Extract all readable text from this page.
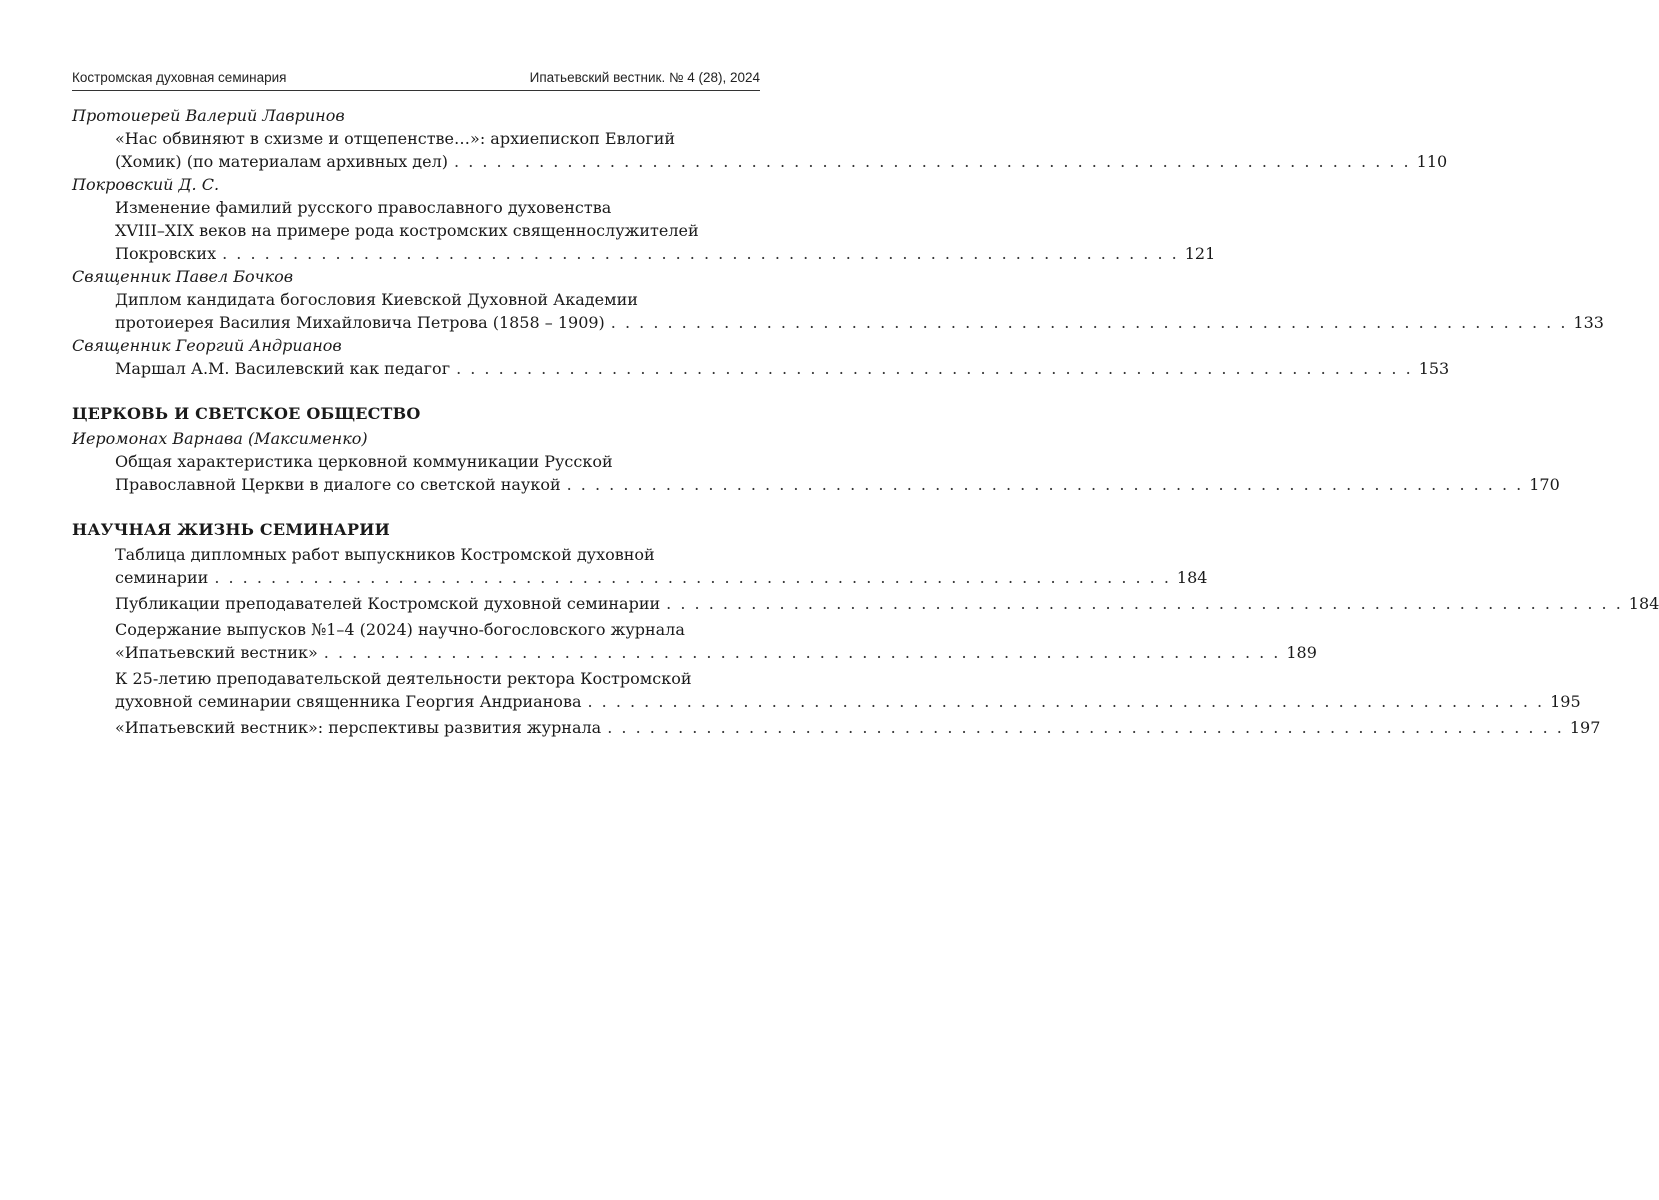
Костромская духовная семинария	Ипатьевский вестник. № 4 (28), 2024
Протоиерей Валерий Лавринов
«Нас обвиняют в схизме и отщепенстве…»: архиепископ Евлогий
(Хомик) (по материалам архивных дел) . . . . . . . . . . . . . . . . . . . . . . . . . . . . . . . . . . . . . . . . . . . . . . . . . . . . . . . . . . . . . . . . . . . . 110
Покровский Д. С.
Изменение фамилий русского православного духовенства
XVIII–XIX веков на примере рода костромских священнослужителей
Покровских . . . . . . . . . . . . . . . . . . . . . . . . . . . . . . . . . . . . . . . . . . . . . . . . . . . . . . . . . . . . . . . . . . . . 121
Священник Павел Бочков
Диплом кандидата богословия Киевской Духовной Академии
протоиерея Василия Михайловича Петрова (1858 – 1909) . . . . . . . . . . . . . . . . . . . . . . . . . . . . . . . . . . . . . . . . . . . . . . . . . . . . . . . . . . . . . . . . . . . . 133
Священник Георгий Андрианов
Маршал А.М. Василевский как педагог . . . . . . . . . . . . . . . . . . . . . . . . . . . . . . . . . . . . . . . . . . . . . . . . . . . . . . . . . . . . . . . . . . . . 153
ЦЕРКОВЬ И СВЕТСКОЕ ОБЩЕСТВО
Иеромонах Варнава (Максименко)
Общая характеристика церковной коммуникации Русской
Православной Церкви в диалоге со светской наукой . . . . . . . . . . . . . . . . . . . . . . . . . . . . . . . . . . . . . . . . . . . . . . . . . . . . . . . . . . . . . . . . . . . . 170
НАУЧНАЯ ЖИЗНЬ СЕМИНАРИИ
Таблица дипломных работ выпускников Костромской духовной
семинарии . . . . . . . . . . . . . . . . . . . . . . . . . . . . . . . . . . . . . . . . . . . . . . . . . . . . . . . . . . . . . . . . . . . . 184
Публикации преподавателей Костромской духовной семинарии . . . . . . . . . . . . . . . . . . . . . . . . . . . . . . . . . . . . . . . . . . . . . . . . . . . . . . . . . . . . . . . . . . . . 184
Содержание выпусков №1–4 (2024) научно-богословского журнала
«Ипатьевский вестник» . . . . . . . . . . . . . . . . . . . . . . . . . . . . . . . . . . . . . . . . . . . . . . . . . . . . . . . . . . . . . . . . . . . . 189
К 25-летию преподавательской деятельности ректора Костромской
духовной семинарии священника Георгия Андрианова . . . . . . . . . . . . . . . . . . . . . . . . . . . . . . . . . . . . . . . . . . . . . . . . . . . . . . . . . . . . . . . . . . . . 195
«Ипатьевский вестник»: перспективы развития журнала . . . . . . . . . . . . . . . . . . . . . . . . . . . . . . . . . . . . . . . . . . . . . . . . . . . . . . . . . . . . . . . . . . . . 197
